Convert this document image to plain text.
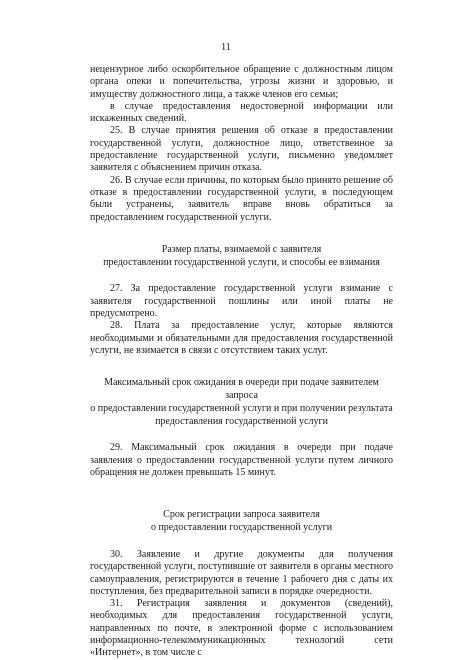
11

нецензурное либо оскорбительное обращение с должностным лицом органа опеки и попечительства, угрозы жизни и здоровью, и имуществу должностного лица, а также членов его семьи;

в случае предоставления недостоверной информации или искаженных сведений.

25. В случае принятия решения об отказе в предоставлении государственной услуги, должностное лицо, ответственное за предоставление государственной услуги, письменно уведомляет заявителя с объяснением причин отказа.

26. В случае если причины, по которым было принято решение об отказе в предоставлении государственной услуги, в последующем были устранены, заявитель вправе вновь обратиться за предоставлением государственной услуги.

Размер платы, взимаемой с заявителя

предоставлении государственной услуги, и способы ее взимания

27. За предоставление государственной услуги взимание с заявителя государственной пошлины или иной платы не предусмотрено.

28. Плата за предоставление услуг, которые являются необходимыми и обязательными для предоставления государственной услуги, не взимается в связи с отсутствием таких услуг.

Максимальный срок ожидания в очереди при подаче заявителем запроса

о предоставлении государственной услуги и при получении результата

предоставления государственной услуги

29. Максимальный срок ожидания в очереди при подаче заявления о предоставлении государственной услуги путем личного обращения не должен превышать 15 минут.

Срок регистрации запроса заявителя

о предоставлении государственной услуги

30. Заявление и другие документы для получения государственной услуги, поступившие от заявителя в органы местного самоуправления, регистрируются в течение 1 рабочего дня с даты их поступления, без предварительной записи в порядке очередности.

31. Регистрация заявления и документов (сведений), необходимых для предоставления государственной услуги, направленных по почте, в электронной форме с использованием информационно-телекоммуникационных технологий сети «Интернет», в том числе с
